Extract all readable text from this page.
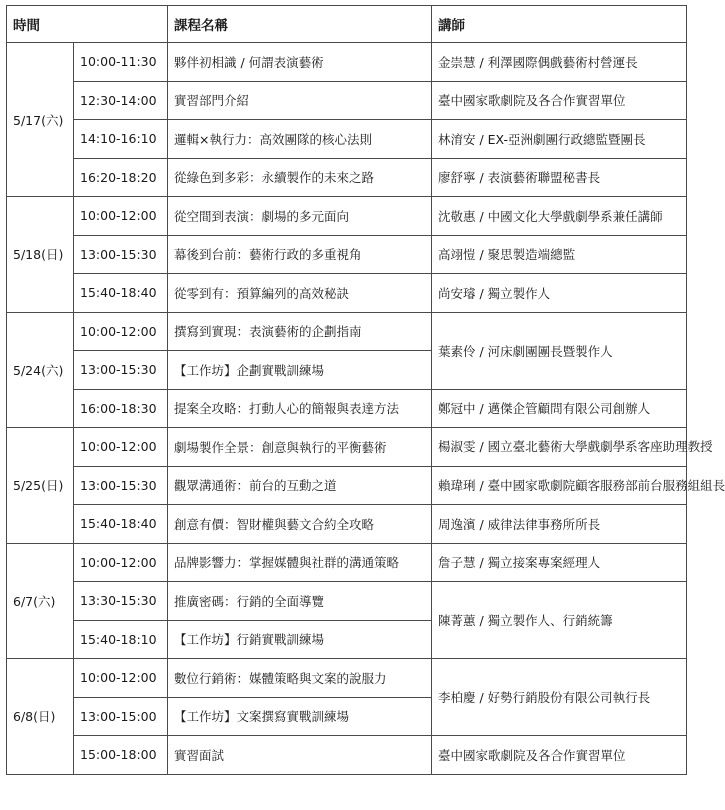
時間		課程名稱	講師
5/17(六)	10:00-11:30	夥伴初相識 / 何謂表演藝術	金崇慧 / 利澤國際偶戲藝術村營運長
	12:30-14:00	實習部門介紹	臺中國家歌劇院及各合作實習單位
	14:10-16:10	邏輯×執行力：高效團隊的核心法則	林淯安 / EX-亞洲劇團行政總監暨團長
	16:20-18:20	從綠色到多彩：永續製作的未來之路	廖舒寧 / 表演藝術聯盟秘書長
5/18(日)	10:00-12:00	從空間到表演：劇場的多元面向	沈敬惠 / 中國文化大學戲劇學系兼任講師
	13:00-15:30	幕後到台前：藝術行政的多重視角	高翊愷 / 聚思製造端總監
	15:40-18:40	從零到有：預算編列的高效秘訣	尚安璿 / 獨立製作人
5/24(六)	10:00-12:00	撰寫到實現：表演藝術的企劃指南	葉素伶 / 河床劇團團長暨製作人
	13:00-15:30	【工作坊】企劃實戰訓練場	
	16:00-18:30	提案全攻略：打動人心的簡報與表達方法	鄭冠中 / 邁傑企管顧問有限公司創辦人
5/25(日)	10:00-12:00	劇場製作全景：創意與執行的平衡藝術	楊淑雯 / 國立臺北藝術大學戲劇學系客座助理教授
	13:00-15:30	觀眾溝通術：前台的互動之道	賴瑋琍 / 臺中國家歌劇院顧客服務部前台服務組組長
	15:40-18:40	創意有價：智財權與藝文合約全攻略	周逸濱 / 威律法律事務所所長
6/7(六)	10:00-12:00	品牌影響力：掌握媒體與社群的溝通策略	詹子慧 / 獨立接案專案經理人
	13:30-15:30	推廣密碼：行銷的全面導覽	陳菁蕙 / 獨立製作人、行銷統籌
	15:40-18:10	【工作坊】行銷實戰訓練場	
6/8(日)	10:00-12:00	數位行銷術：媒體策略與文案的說服力	李柏慶 / 好勢行銷股份有限公司執行長
	13:00-15:00	【工作坊】文案撰寫實戰訓練場	
	15:00-18:00	實習面試	臺中國家歌劇院及各合作實習單位
